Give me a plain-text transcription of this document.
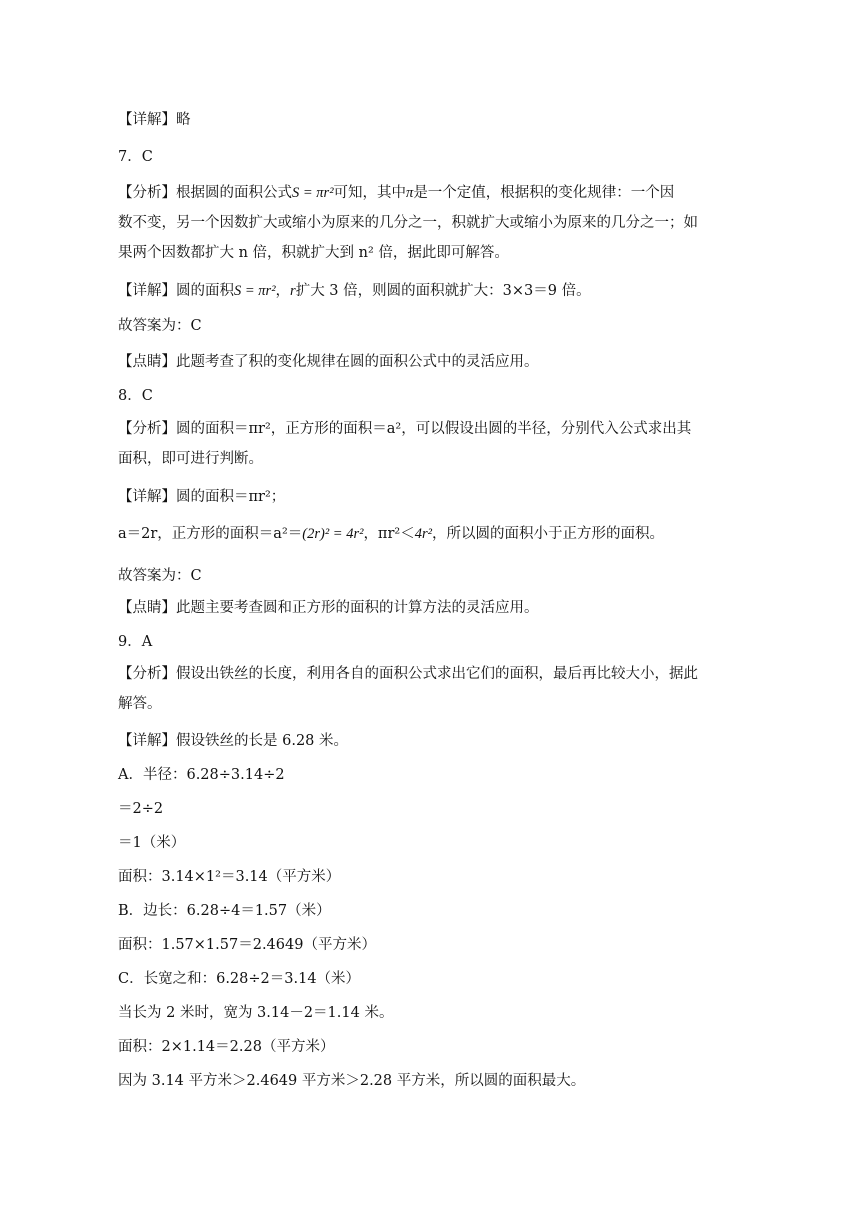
【详解】略
7．C
【分析】根据圆的面积公式S = πr²可知，其中π是一个定值，根据积的变化规律：一个因
数不变，另一个因数扩大或缩小为原来的几分之一，积就扩大或缩小为原来的几分之一；如
果两个因数都扩大 n 倍，积就扩大到 n² 倍，据此即可解答。
【详解】圆的面积S = πr²，r扩大 3 倍，则圆的面积就扩大：3×3＝9 倍。
故答案为：C
【点睛】此题考查了积的变化规律在圆的面积公式中的灵活应用。
8．C
【分析】圆的面积＝πr²，正方形的面积＝a²，可以假设出圆的半径，分别代入公式求出其
面积，即可进行判断。
【详解】圆的面积＝πr²；
a＝2r，正方形的面积＝a²＝(2r)² = 4r²，πr²＜4r²，所以圆的面积小于正方形的面积。
故答案为：C
【点睛】此题主要考查圆和正方形的面积的计算方法的灵活应用。
9．A
【分析】假设出铁丝的长度，利用各自的面积公式求出它们的面积，最后再比较大小，据此
解答。
【详解】假设铁丝的长是 6.28 米。
A．半径：6.28÷3.14÷2
＝2÷2
＝1（米）
面积：3.14×1²＝3.14（平方米）
B．边长：6.28÷4＝1.57（米）
面积：1.57×1.57＝2.4649（平方米）
C．长宽之和：6.28÷2＝3.14（米）
当长为 2 米时，宽为 3.14－2＝1.14 米。
面积：2×1.14＝2.28（平方米）
因为 3.14 平方米＞2.4649 平方米＞2.28 平方米，所以圆的面积最大。
